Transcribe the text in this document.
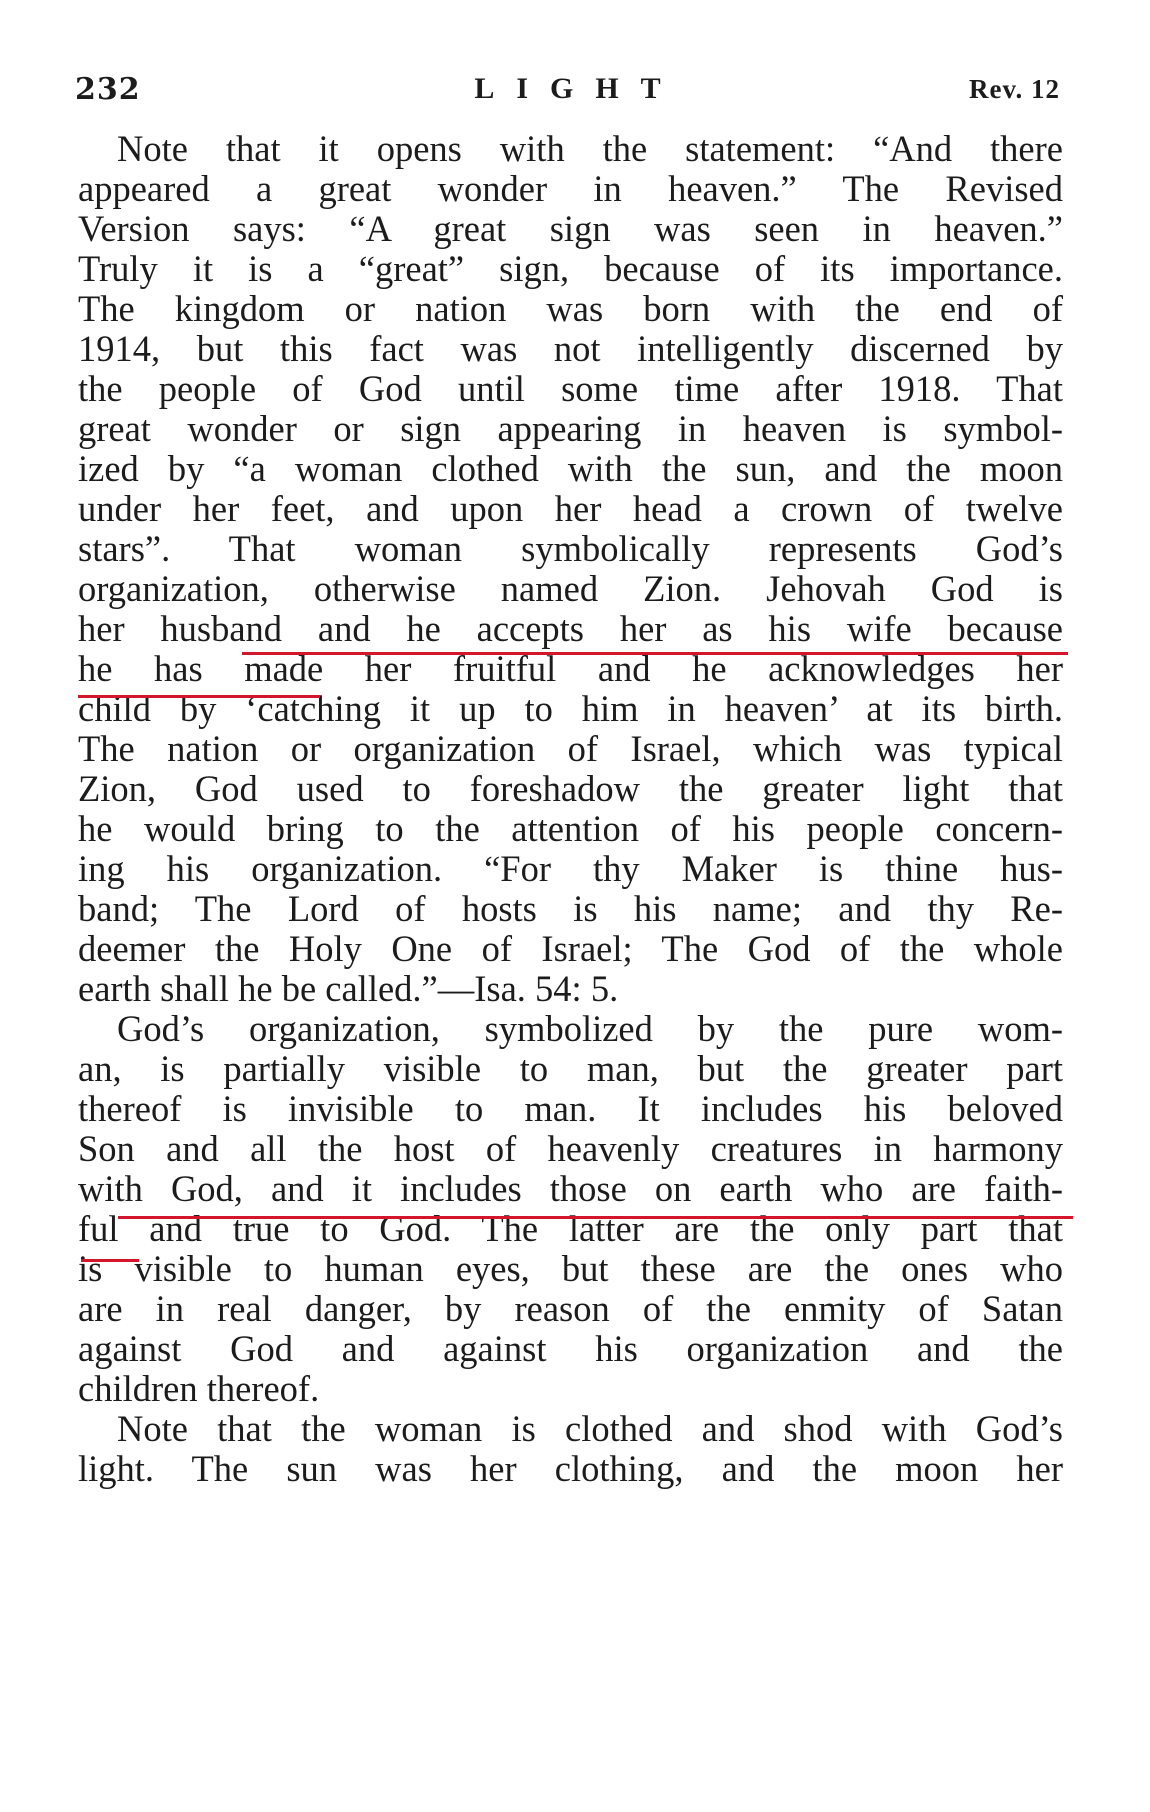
232	LIGHT	Rev. 12
Note that it opens with the statement: “And there
appeared a great wonder in heaven.” The Revised
Version says: “A great sign was seen in heaven.”
Truly it is a “great” sign, because of its importance.
The kingdom or nation was born with the end of
1914, but this fact was not intelligently discerned by
the people of God until some time after 1918. That
great wonder or sign appearing in heaven is symbol-
ized by “a woman clothed with the sun, and the moon
under her feet, and upon her head a crown of twelve
stars”. That woman symbolically represents God’s
organization, otherwise named Zion. Jehovah God is
her husband and he accepts her as his wife because
he has made her fruitful and he acknowledges her
child by ‘catching it up to him in heaven’ at its birth.
The nation or organization of Israel, which was typical
Zion, God used to foreshadow the greater light that
he would bring to the attention of his people concern-
ing his organization. “For thy Maker is thine hus-
band; The Lord of hosts is his name; and thy Re-
deemer the Holy One of Israel; The God of the whole
earth shall he be called.”—Isa. 54: 5.
God’s organization, symbolized by the pure wom-
an, is partially visible to man, but the greater part
thereof is invisible to man. It includes his beloved
Son and all the host of heavenly creatures in harmony
with God, and it includes those on earth who are faith-
ful and true to God. The latter are the only part that
is visible to human eyes, but these are the ones who
are in real danger, by reason of the enmity of Satan
against God and against his organization and the
children thereof.
Note that the woman is clothed and shod with God’s
light. The sun was her clothing, and the moon her
